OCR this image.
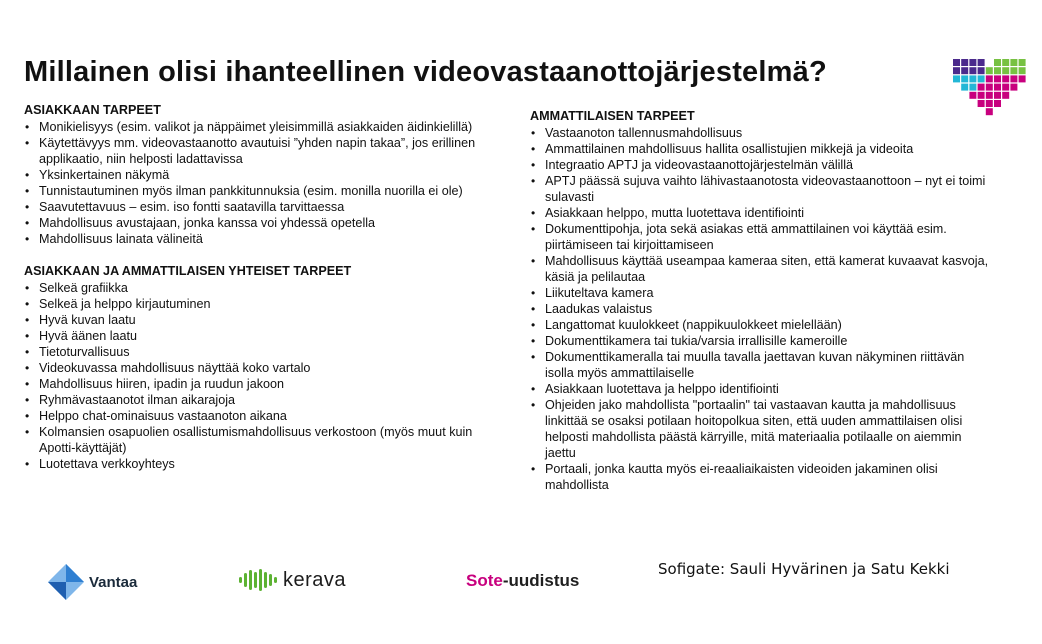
Millainen olisi ihanteellinen videovastaanottojärjestelmä?
ASIAKKAAN TARPEET
• Monikielisyys (esim. valikot ja näppäimet yleisimmillä asiakkaiden äidinkielillä)
• Käytettävyys mm. videovastaanotto avautuisi ”yhden napin takaa”, jos erillinen applikaatio, niin helposti ladattavissa
• Yksinkertainen näkymä
• Tunnistautuminen myös ilman pankkitunnuksia (esim. monilla nuorilla ei ole)
• Saavutettavuus – esim. iso fontti saatavilla tarvittaessa
• Mahdollisuus avustajaan, jonka kanssa voi yhdessä opetella
• Mahdollisuus lainata välineitä
ASIAKKAAN JA AMMATTILAISEN YHTEISET TARPEET
• Selkeä grafiikka
• Selkeä ja helppo kirjautuminen
• Hyvä kuvan laatu
• Hyvä äänen laatu
• Tietoturvallisuus
• Videokuvassa mahdollisuus näyttää koko vartalo
• Mahdollisuus hiiren, ipadin ja ruudun jakoon
• Ryhmävastaanotot ilman aikarajoja
• Helppo chat-ominaisuus vastaanoton aikana
• Kolmansien osapuolien osallistumismahdollisuus verkostoon (myös muut kuin Apotti-käyttäjät)
• Luotettava verkkoyhteys
AMMATTILAISEN TARPEET
• Vastaanoton tallennusmahdollisuus
• Ammattilainen mahdollisuus hallita osallistujien mikkejä ja videoita
• Integraatio APTJ ja videovastaanottojärjestelmän välillä
• APTJ päässä sujuva vaihto lähivastaanotosta videovastaanottoon – nyt ei toimi sulavasti
• Asiakkaan helppo, mutta luotettava identifiointi
• Dokumenttipohja, jota sekä asiakas että ammattilainen voi käyttää esim. piirtämiseen tai kirjoittamiseen
• Mahdollisuus käyttää useampaa kameraa siten, että kamerat kuvaavat kasvoja, käsiä ja pelilautaa
• Liikuteltava kamera
• Laadukas valaistus
• Langattomat kuulokkeet (nappikuulokkeet mielellään)
• Dokumenttikamera tai tukia/varsia irrallisille kameroille
• Dokumenttikameralla tai muulla tavalla jaettavan kuvan näkyminen riittävän isolla myös ammattilaiselle
• Asiakkaan luotettava ja helppo identifiointi
• Ohjeiden jako mahdollista "portaalin" tai vastaavan kautta ja mahdollisuus linkittää se osaksi potilaan hoitopolkua siten, että uuden ammattilaisen olisi helposti mahdollista päästä kärryille, mitä materiaalia potilaalle on aiemmin jaettu
• Portaali, jonka kautta myös ei-reaaliaikaisten videoiden jakaminen olisi mahdollista
Vantaa	kerava	Sote-uudistus
Sofigate: Sauli Hyvärinen ja Satu Kekki
